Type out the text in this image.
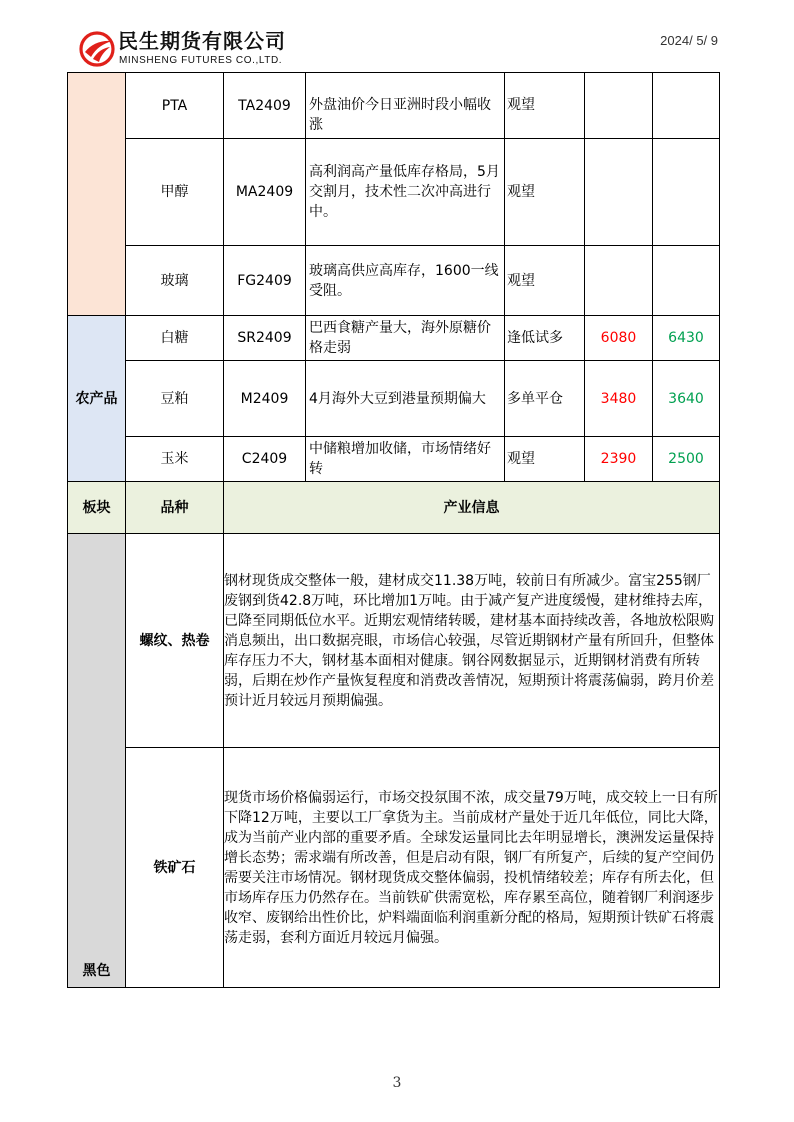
民生期货有限公司
MINSHENG FUTURES CO.,LTD.
2024/ 5/ 9
	PTA	TA2409	外盘油价今日亚洲时段小幅收涨	观望		
	甲醇	MA2409	高利润高产量低库存格局，5月交割月，技术性二次冲高进行中。	观望		
	玻璃	FG2409	玻璃高供应高库存，1600一线受阻。	观望		
农产品	白糖	SR2409	巴西食糖产量大，海外原糖价格走弱	逢低试多	6080	6430
	豆粕	M2409	4月海外大豆到港量预期偏大	多单平仓	3480	3640
	玉米	C2409	中储粮增加收储，市场情绪好转	观望	2390	2500
板块	品种	产业信息				
黑色	螺纹、热卷	钢材现货成交整体一般，建材成交11.38万吨，较前日有所减少。富宝255钢厂废钢到货42.8万吨，环比增加1万吨。由于减产复产进度缓慢，建材维持去库，已降至同期低位水平。近期宏观情绪转暖，建材基本面持续改善，各地放松限购消息频出，出口数据亮眼，市场信心较强，尽管近期钢材产量有所回升，但整体库存压力不大，钢材基本面相对健康。钢谷网数据显示，近期钢材消费有所转弱，后期在炒作产量恢复程度和消费改善情况，短期预计将震荡偏弱，跨月价差预计近月较远月预期偏强。				
	铁矿石	现货市场价格偏弱运行，市场交投氛围不浓，成交量79万吨，成交较上一日有所下降12万吨，主要以工厂拿货为主。当前成材产量处于近几年低位，同比大降，成为当前产业内部的重要矛盾。全球发运量同比去年明显增长，澳洲发运量保持增长态势；需求端有所改善，但是启动有限，钢厂有所复产，后续的复产空间仍需要关注市场情况。钢材现货成交整体偏弱，投机情绪较差；库存有所去化，但市场库存压力仍然存在。当前铁矿供需宽松，库存累至高位，随着钢厂利润逐步收窄、废钢给出性价比，炉料端面临利润重新分配的格局，短期预计铁矿石将震荡走弱，套利方面近月较远月偏强。				
3
